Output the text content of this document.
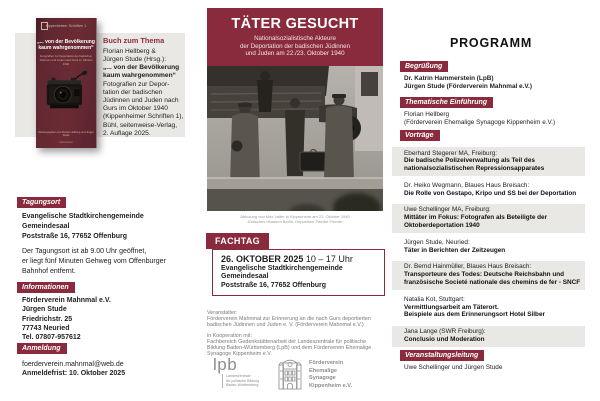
Kippenheimer Schriften 1
„... von der Bevölkerung
kaum wahrgenommen“
Fotografien zur Deportation der badischen
Jüdinnen und Juden nach Gurs im Oktober 1940
Herausgegeben von Florian Hellberg und Jürgen Stude
seitenweise
Buch zum Thema
Florian Hellberg &
Jürgen Stude (Hrsg.):
„... von der Bevölkerung
kaum wahrgenommen“
Fotografien zur Depor-
tation der badischen
Jüdinnen und Juden nach
Gurs im Oktober 1940
(Kippenheimer Schriften 1),
Bühl, seitenweise-Verlag,
2. Auflage 2025.
Tagungsort
Evangelische Stadtkirchengemeinde
Gemeindesaal
Poststraße 16, 77652 Offenburg
Der Tagungsort ist ab 9.00 Uhr geöffnet,
er liegt fünf Minuten Gehweg vom Offenburger
Bahnhof entfernt.
Informationen
Förderverein Mahnmal e.V.
Jürgen Stude
Friedrichstr. 25
77743 Neuried
Tel. 07807-957612
Anmeldung
foerderverein.mahnmal@web.de
Anmeldefrist: 10. Oktober 2025
TÄTER GESUCHT
Nationalsozialistische Akteure
der Deportation der badischen Jüdinnen
und Juden am 22./23. Oktober 1940
Abholung von Max Valfer in Kippenheim am 22. Oktober 1940
Jüdisches Museum Berlin, Depositum Familie Fischer
26. OKTOBER 2025 10 – 17 Uhr
Evangelische Stadtkirchengemeinde
Gemeindesaal
Poststraße 16, 77652 Offenburg
FACHTAG
Veranstalter:
Förderverein Mahnmal zur Erinnerung an die nach Gurs deportierten
badischen Jüdinnen und Juden e. V. (Förderverein Mahnmal e.V.)
in Kooperation mit:
Fachbereich Gedenkstättenarbeit der Landeszentrale für politische
Bildung Baden-Württemberg (LpB) und dem Förderverein Ehemalige
Synagoge Kippenheim e.V.
lpb
Landeszentrale
für politische Bildung
Baden-Württemberg
Förderverein
Ehemalige
Synagoge
Kippenheim e.V.
PROGRAMM
Begrüßung
Dr. Katrin Hammerstein (LpB)
Jürgen Stude (Förderverein Mahnmal e.V.)
Thematische Einführung
Florian Hellberg
(Förderverein Ehemalige Synagoge Kippenheim e.V.)
Vorträge
Eberhard Stegerer MA, Freiburg:
Die badische Polizeiverwaltung als Teil des
nationalsozialistischen Repressionsapparates
Dr. Heiko Wegmann, Blaues Haus Breisach:
Die Rolle von Gestapo, Kripo und SS bei der Deportation
Uwe Schellinger MA, Freiburg:
Mittäter im Fokus: Fotografen als Beteiligte der
Oktoberdeportation 1940
Jürgen Stude, Neuried:
Täter in Berichten der Zeitzeugen
Dr. Bernd Hainmüller, Blaues Haus Breisach:
Transporteure des Todes: Deutsche Reichsbahn und
französische Societé nationale des chemins de fer - SNCF
Natalia Kot, Stuttgart:
Vermittlungsarbeit am Täterort.
Beispiele aus dem Erinnerungsort Hotel Silber
Jana Lange (SWR Freiburg):
Conclusio und Moderation
Veranstaltungsleitung
Uwe Schellinger und Jürgen Stude
